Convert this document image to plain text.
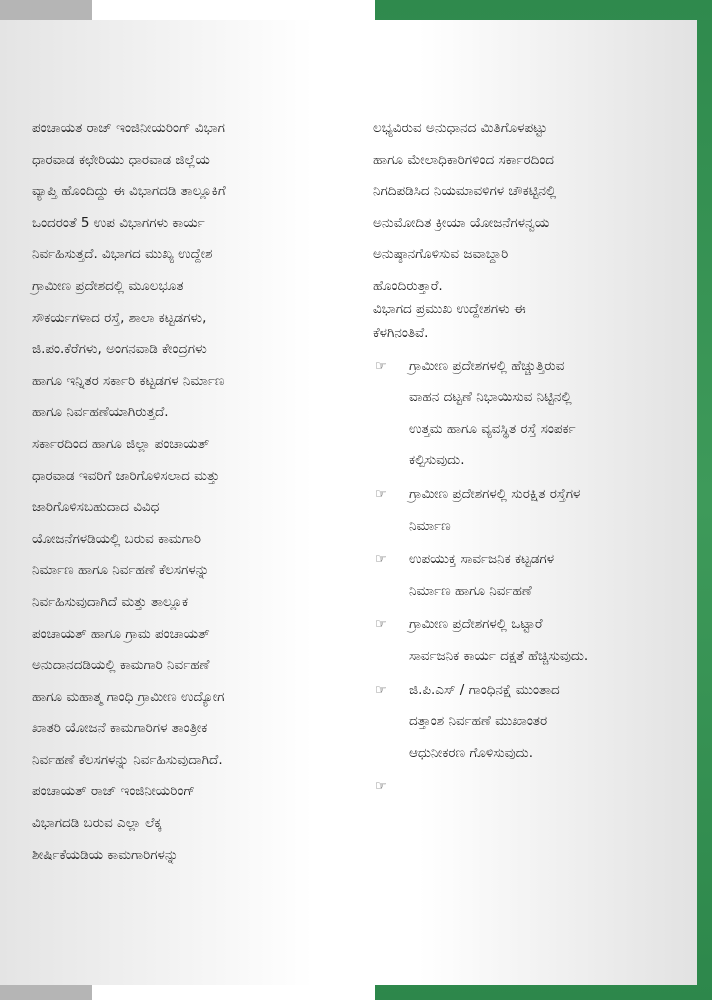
ಪಂಚಾಯತ ರಾಜ್ ಇಂಜಿನೀಯರಿಂಗ್ ವಿಭಾಗ
ಧಾರವಾಡ ಕಛೇರಿಯು ಧಾರವಾಡ ಜಿಲ್ಲೆಯ
ವ್ಯಾಪ್ತಿ ಹೊಂದಿದ್ದು ಈ ವಿಭಾಗದಡಿ ತಾಲ್ಲೂಕಿಗೆ
ಒಂದರಂತೆ 5 ಉಪ ವಿಭಾಗಗಳು ಕಾರ್ಯ
ನಿರ್ವಹಿಸುತ್ತದೆ. ವಿಭಾಗದ ಮುಖ್ಯ ಉದ್ದೇಶ
ಗ್ರಾಮೀಣ ಪ್ರದೇಶದಲ್ಲಿ ಮೂಲಭೂತ
ಸೌಕರ್ಯಗಳಾದ ರಸ್ತೆ, ಶಾಲಾ ಕಟ್ಟಡಗಳು,
ಜಿ.ಪಂ.ಕೆರೆಗಳು, ಅಂಗನವಾಡಿ ಕೇಂದ್ರಗಳು
ಹಾಗೂ ಇನ್ನಿತರ ಸರ್ಕಾರಿ ಕಟ್ಟಡಗಳ ನಿರ್ಮಾಣ
ಹಾಗೂ ನಿರ್ವಹಣೆಯಾಗಿರುತ್ತದೆ.
ಸರ್ಕಾರದಿಂದ ಹಾಗೂ ಜಿಲ್ಲಾ ಪಂಚಾಯತ್
ಧಾರವಾಡ ಇವರಿಗೆ ಜಾರಿಗೊಳಿಸಲಾದ ಮತ್ತು
ಜಾರಿಗೊಳಿಸಬಹುದಾದ ವಿವಿಧ
ಯೋಜನೆಗಳಡಿಯಲ್ಲಿ ಬರುವ ಕಾಮಗಾರಿ
ನಿರ್ಮಾಣ ಹಾಗೂ ನಿರ್ವಹಣೆ ಕೆಲಸಗಳನ್ನು
ನಿರ್ವಹಿಸುವುದಾಗಿದೆ ಮತ್ತು ತಾಲ್ಲೂಕ
ಪಂಚಾಯತ್ ಹಾಗೂ ಗ್ರಾಮ ಪಂಚಾಯತ್
ಅನುದಾನದಡಿಯಲ್ಲಿ ಕಾಮಗಾರಿ ನಿರ್ವಹಣೆ
ಹಾಗೂ ಮಹಾತ್ಮ ಗಾಂಧಿ ಗ್ರಾಮೀಣ ಉದ್ಯೋಗ
ಖಾತರಿ ಯೋಜನೆ ಕಾಮಗಾರಿಗಳ ತಾಂತ್ರೀಕ
ನಿರ್ವಹಣೆ ಕೆಲಸಗಳನ್ನು ನಿರ್ವಹಿಸುವುದಾಗಿದೆ.
ಪಂಚಾಯತ್ ರಾಜ್ ಇಂಜಿನೀಯರಿಂಗ್
ವಿಭಾಗದಡಿ ಬರುವ ಎಲ್ಲಾ ಲೆಕ್ಕ
ಶೀರ್ಷಿಕೆಯಡಿಯ ಕಾಮಗಾರಿಗಳನ್ನು
ಲಭ್ಯವಿರುವ ಅನುಧಾನದ ಮಿತಿಗೊಳಪಟ್ಟು
ಹಾಗೂ ಮೇಲಾಧಿಕಾರಿಗಳಿಂದ ಸರ್ಕಾರದಿಂದ
ನಿಗದಿಪಡಿಸಿದ ನಿಯಮಾವಳಿಗಳ ಚೌಕಟ್ಟಿನಲ್ಲಿ
ಅನುಮೋದಿತ ಕ್ರೀಯಾ ಯೋಜನೆಗಳನ್ವಯ
ಅನುಷ್ಠಾನಗೊಳಿಸುವ ಜವಾಬ್ದಾರಿ
ಹೊಂದಿರುತ್ತಾರೆ.
ವಿಭಾಗದ ಪ್ರಮುಖ ಉದ್ದೇಶಗಳು ಈ
ಕೆಳಗಿನಂತಿವೆ.
☞ ಗ್ರಾಮೀಣ ಪ್ರದೇಶಗಳಲ್ಲಿ ಹೆಚ್ಚುತ್ತಿರುವ
ವಾಹನ ದಟ್ಟಣೆ ನಿಭಾಯಿಸುವ ನಿಟ್ಟಿನಲ್ಲಿ
ಉತ್ತಮ ಹಾಗೂ ವ್ಯವಸ್ಥಿತ ರಸ್ತೆ ಸಂಪರ್ಕ
ಕಲ್ಪಿಸುವುದು.
☞ ಗ್ರಾಮೀಣ ಪ್ರದೇಶಗಳಲ್ಲಿ ಸುರಕ್ಷಿತ ರಸ್ತೆಗಳ
ನಿರ್ಮಾಣ
☞ ಉಪಯುಕ್ತ ಸಾರ್ವಜನಿಕ ಕಟ್ಟಡಗಳ
ನಿರ್ಮಾಣ ಹಾಗೂ ನಿರ್ವಹಣೆ
☞ ಗ್ರಾಮೀಣ ಪ್ರದೇಶಗಳಲ್ಲಿ ಒಟ್ಟಾರೆ
ಸಾರ್ವಜನಿಕ ಕಾರ್ಯ ದಕ್ಷತೆ ಹೆಚ್ಚಿಸುವುದು.
☞ ಜಿ.ಪಿ.ಎಸ್ / ಗಾಂಧಿನಕ್ಷೆ ಮುಂತಾದ
ದತ್ತಾಂಶ ನಿರ್ವಹಣೆ ಮುಖಾಂತರ
ಆಧುನೀಕರಣ ಗೊಳಿಸುವುದು.
☞
